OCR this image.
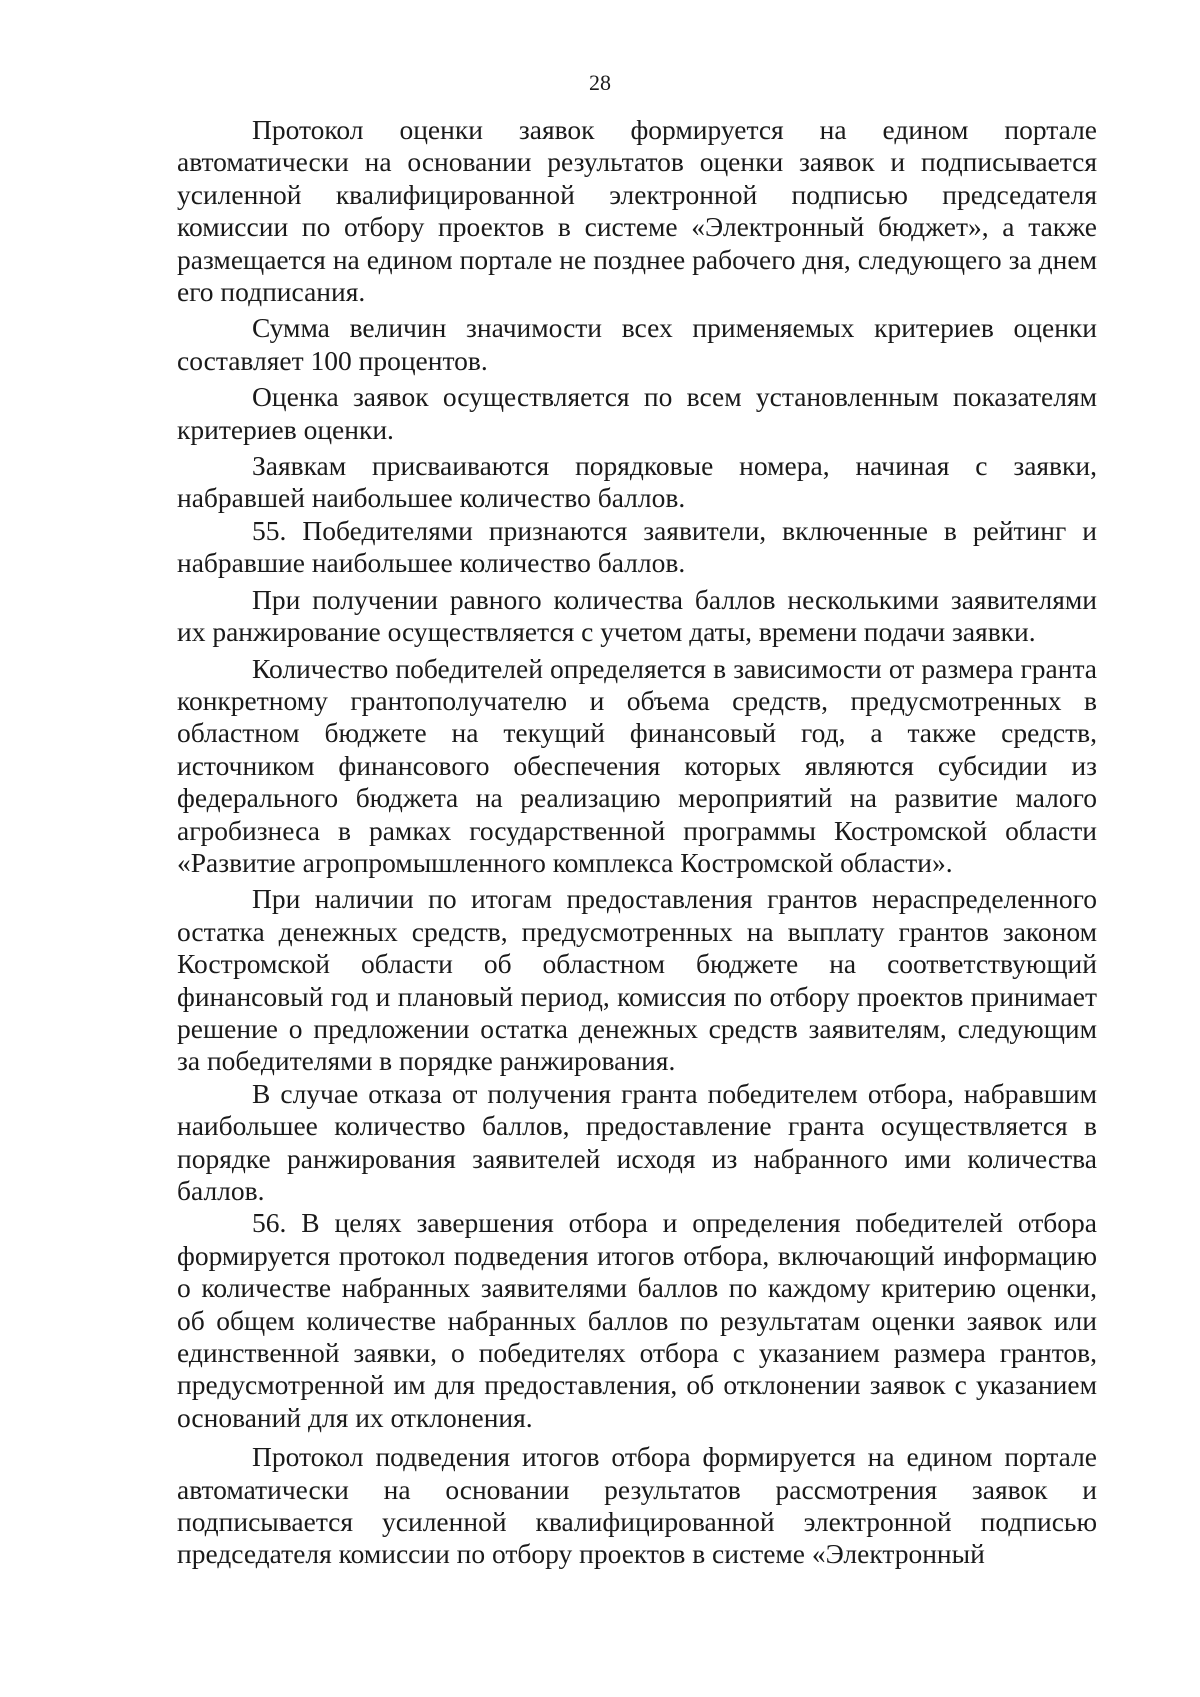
28

Протокол оценки заявок формируется на едином портале автоматически на основании результатов оценки заявок и подписывается усиленной квалифицированной электронной подписью председателя комиссии по отбору проектов в системе «Электронный бюджет», а также размещается на едином портале не позднее рабочего дня, следующего за днем его подписания.

Сумма величин значимости всех применяемых критериев оценки составляет 100 процентов.

Оценка заявок осуществляется по всем установленным показателям критериев оценки.

Заявкам присваиваются порядковые номера, начиная с заявки, набравшей наибольшее количество баллов.

55. Победителями признаются заявители, включенные в рейтинг и набравшие наибольшее количество баллов.

При получении равного количества баллов несколькими заявителями их ранжирование осуществляется с учетом даты, времени подачи заявки.

Количество победителей определяется в зависимости от размера гранта конкретному грантополучателю и объема средств, предусмотренных в областном бюджете на текущий финансовый год, а также средств, источником финансового обеспечения которых являются субсидии из федерального бюджета на реализацию мероприятий на развитие малого агробизнеса в рамках государственной программы Костромской области «Развитие агропромышленного комплекса Костромской области».

При наличии по итогам предоставления грантов нераспределенного остатка денежных средств, предусмотренных на выплату грантов законом Костромской области об областном бюджете на соответствующий финансовый год и плановый период, комиссия по отбору проектов принимает решение о предложении остатка денежных средств заявителям, следующим за победителями в порядке ранжирования.

В случае отказа от получения гранта победителем отбора, набравшим наибольшее количество баллов, предоставление гранта осуществляется в порядке ранжирования заявителей исходя из набранного ими количества баллов.

56. В целях завершения отбора и определения победителей отбора формируется протокол подведения итогов отбора, включающий информацию о количестве набранных заявителями баллов по каждому критерию оценки, об общем количестве набранных баллов по результатам оценки заявок или единственной заявки, о победителях отбора с указанием размера грантов, предусмотренной им для предоставления, об отклонении заявок с указанием оснований для их отклонения.

Протокол подведения итогов отбора формируется на едином портале автоматически на основании результатов рассмотрения заявок и подписывается усиленной квалифицированной электронной подписью председателя комиссии по отбору проектов в системе «Электронный
